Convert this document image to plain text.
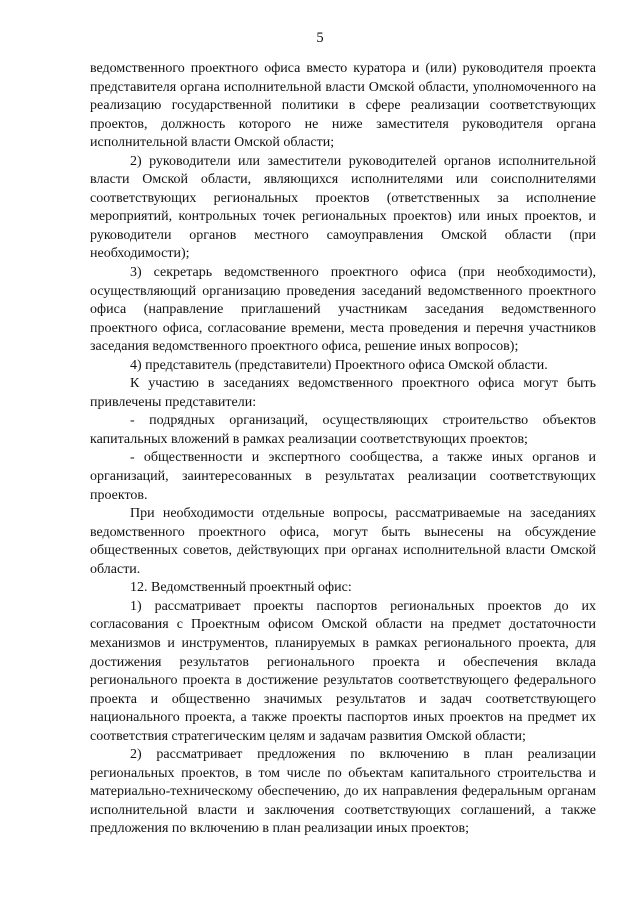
5

ведомственного проектного офиса вместо куратора и (или) руководителя проекта представителя органа исполнительной власти Омской области, уполномоченного на реализацию государственной политики в сфере реализации соответствующих проектов, должность которого не ниже заместителя руководителя органа исполнительной власти Омской области;

2) руководители или заместители руководителей органов исполнительной власти Омской области, являющихся исполнителями или соисполнителями соответствующих региональных проектов (ответственных за исполнение мероприятий, контрольных точек региональных проектов) или иных проектов, и руководители органов местного самоуправления Омской области (при необходимости);

3) секретарь ведомственного проектного офиса (при необходимости), осуществляющий организацию проведения заседаний ведомственного проектного офиса (направление приглашений участникам заседания ведомственного проектного офиса, согласование времени, места проведения и перечня участников заседания ведомственного проектного офиса, решение иных вопросов);

4) представитель (представители) Проектного офиса Омской области.

К участию в заседаниях ведомственного проектного офиса могут быть привлечены представители:

- подрядных организаций, осуществляющих строительство объектов капитальных вложений в рамках реализации соответствующих проектов;

- общественности и экспертного сообщества, а также иных органов и организаций, заинтересованных в результатах реализации соответствующих проектов.

При необходимости отдельные вопросы, рассматриваемые на заседаниях ведомственного проектного офиса, могут быть вынесены на обсуждение общественных советов, действующих при органах исполнительной власти Омской области.

12. Ведомственный проектный офис:

1) рассматривает проекты паспортов региональных проектов до их согласования с Проектным офисом Омской области на предмет достаточности механизмов и инструментов, планируемых в рамках регионального проекта, для достижения результатов регионального проекта и обеспечения вклада регионального проекта в достижение результатов соответствующего федерального проекта и общественно значимых результатов и задач соответствующего национального проекта, а также проекты паспортов иных проектов на предмет их соответствия стратегическим целям и задачам развития Омской области;

2) рассматривает предложения по включению в план реализации региональных проектов, в том числе по объектам капитального строительства и материально-техническому обеспечению, до их направления федеральным органам исполнительной власти и заключения соответствующих соглашений, а также предложения по включению в план реализации иных проектов;
